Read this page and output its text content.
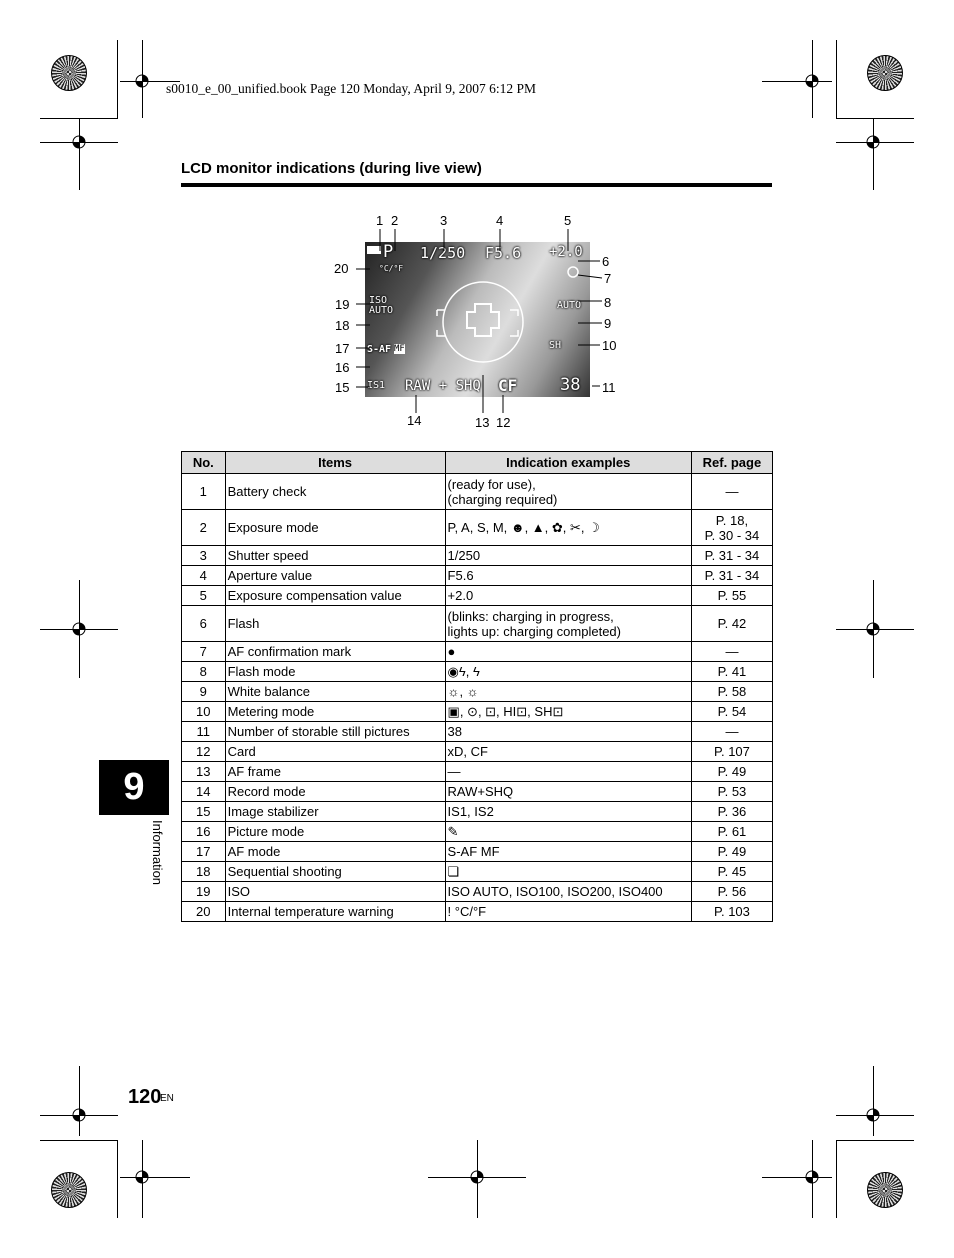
s0010_e_00_unified.book Page 120 Monday, April 9, 2007 6:12 PM
LCD monitor indications (during live view)
P 1/250 F5.6 +2.0
°C/°F
ISO
AUTO	AUTO
SH
S-AF MF
IS1 RAW + SHQ CF	38
1 2	3	4	5
6
7
8
9
10
11
20
19
18
17
16
15
14	13 12
No.	Items	Indication examples	Ref. page
1	Battery check	(ready for use),
(charging required)	—
2	Exposure mode	P, A, S, M, ☻, ▲, ✿, ✂, ☽	P. 18,
P. 30 - 34
3	Shutter speed	1/250	P. 31 - 34
4	Aperture value	F5.6	P. 31 - 34
5	Exposure compensation value	+2.0	P. 55
6	Flash	(blinks: charging in progress,
lights up: charging completed)	P. 42
7	AF confirmation mark	●	—
8	Flash mode	◉ϟ, ϟ	P. 41
9	White balance	☼, ☼	P. 58
10	Metering mode	▣, ⊙, ⊡, HI⊡, SH⊡	P. 54
11	Number of storable still pictures	38	—
12	Card	xD, CF	P. 107
13	AF frame	—	P. 49
14	Record mode	RAW+SHQ	P. 53
15	Image stabilizer	IS1, IS2	P. 36
16	Picture mode	✎	P. 61
17	AF mode	S-AF MF	P. 49
18	Sequential shooting	❏	P. 45
19	ISO	ISO AUTO, ISO100, ISO200, ISO400	P. 56
20	Internal temperature warning	! °C/°F	P. 103
9
Information
120
EN
